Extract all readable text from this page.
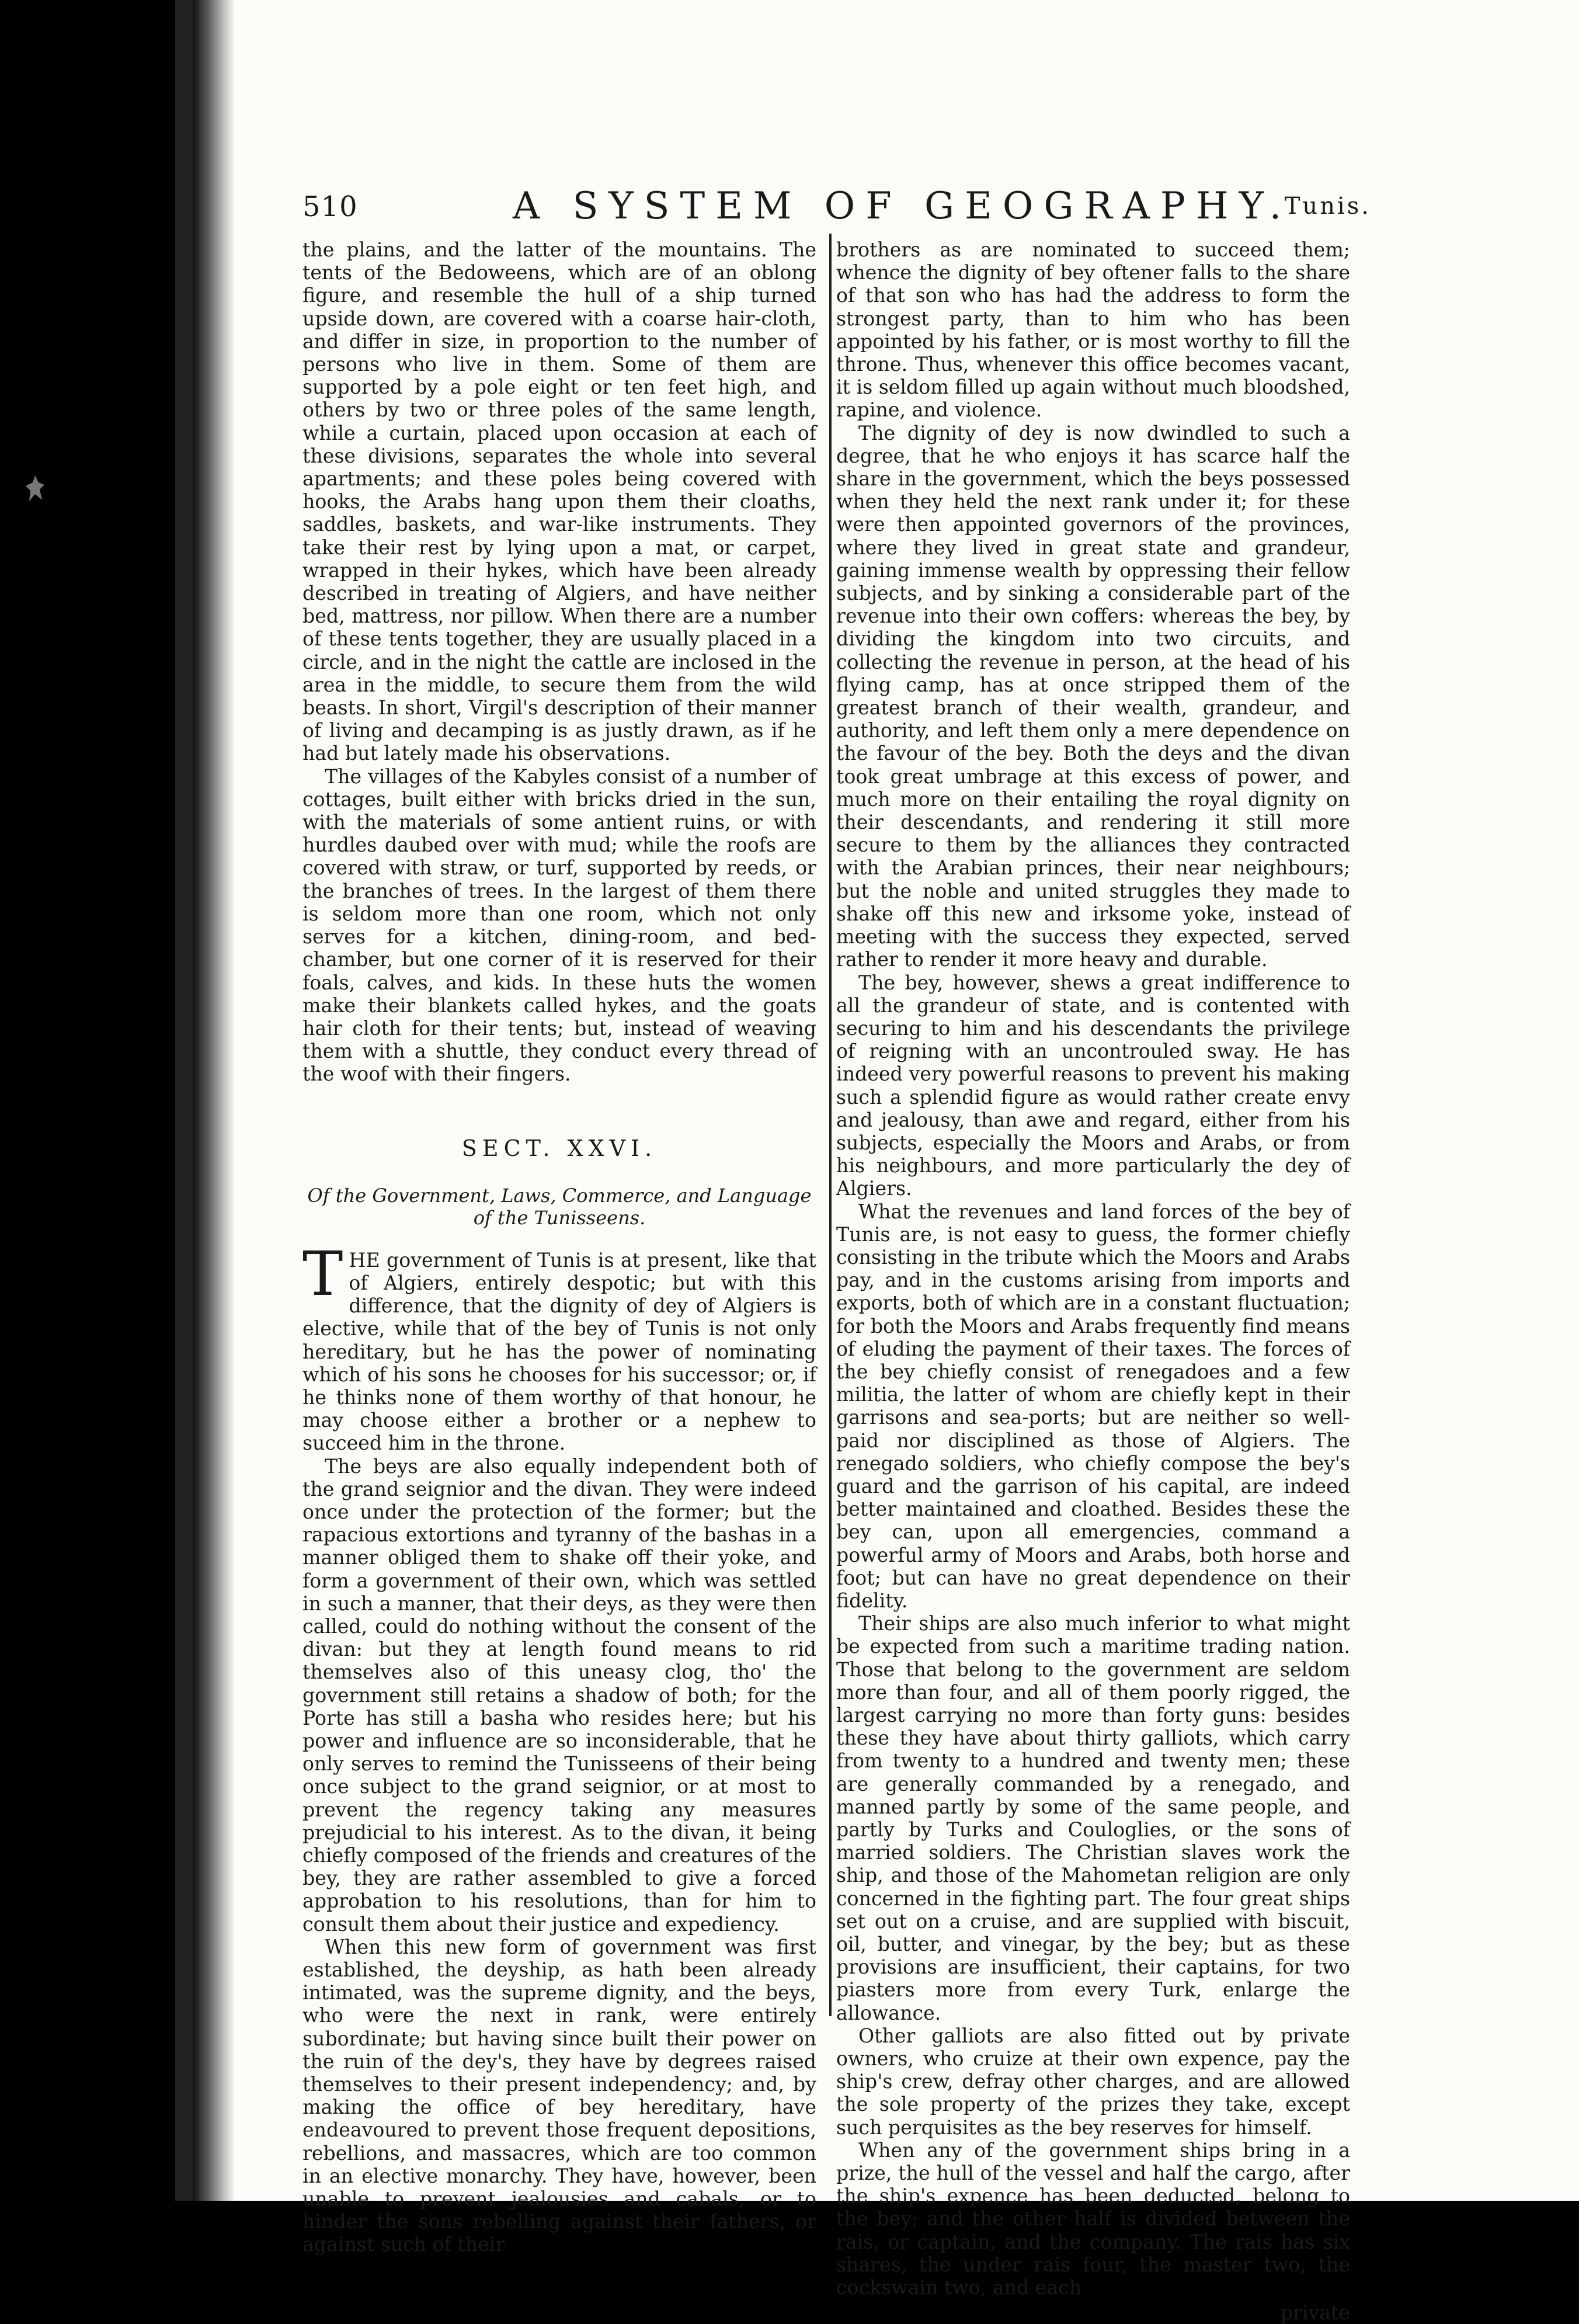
510	A SYSTEM OF GEOGRAPHY.
Tunis.

the plains, and the latter of the mountains. The tents of the Bedoweens, which are of an oblong figure, and resemble the hull of a ship turned upside down, are covered with a coarse hair-cloth, and differ in size, in proportion to the number of persons who live in them. Some of them are supported by a pole eight or ten feet high, and others by two or three poles of the same length, while a curtain, placed upon occasion at each of these divisions, separates the whole into several apartments; and these poles being covered with hooks, the Arabs hang upon them their cloaths, saddles, baskets, and war-like instruments. They take their rest by lying upon a mat, or carpet, wrapped in their hykes, which have been already described in treating of Algiers, and have neither bed, mattress, nor pillow. When there are a number of these tents together, they are usually placed in a circle, and in the night the cattle are inclosed in the area in the middle, to secure them from the wild beasts. In short, Virgil's description of their manner of living and decamping is as justly drawn, as if he had but lately made his observations.

The villages of the Kabyles consist of a number of cottages, built either with bricks dried in the sun, with the materials of some antient ruins, or with hurdles daubed over with mud; while the roofs are covered with straw, or turf, supported by reeds, or the branches of trees. In the largest of them there is seldom more than one room, which not only serves for a kitchen, dining-room, and bed-chamber, but one corner of it is reserved for their foals, calves, and kids. In these huts the women make their blankets called hykes, and the goats hair cloth for their tents; but, instead of weaving them with a shuttle, they conduct every thread of the woof with their fingers.

SECT. XXVI.

Of the Government, Laws, Commerce, and Language of the Tunisseens.

THE government of Tunis is at present, like that of Algiers, entirely despotic; but with this difference, that the dignity of dey of Algiers is elective, while that of the bey of Tunis is not only hereditary, but he has the power of nominating which of his sons he chooses for his successor; or, if he thinks none of them worthy of that honour, he may choose either a brother or a nephew to succeed him in the throne.

The beys are also equally independent both of the grand seignior and the divan. They were indeed once under the protection of the former; but the rapacious extortions and tyranny of the bashas in a manner obliged them to shake off their yoke, and form a government of their own, which was settled in such a manner, that their deys, as they were then called, could do nothing without the consent of the divan: but they at length found means to rid themselves also of this uneasy clog, tho' the government still retains a shadow of both; for the Porte has still a basha who resides here; but his power and influence are so inconsiderable, that he only serves to remind the Tunisseens of their being once subject to the grand seignior, or at most to prevent the regency taking any measures prejudicial to his interest. As to the divan, it being chiefly composed of the friends and creatures of the bey, they are rather assembled to give a forced approbation to his resolutions, than for him to consult them about their justice and expediency.

When this new form of government was first established, the deyship, as hath been already intimated, was the supreme dignity, and the beys, who were the next in rank, were entirely subordinate; but having since built their power on the ruin of the dey's, they have by degrees raised themselves to their present independency; and, by making the office of bey hereditary, have endeavoured to prevent those frequent depositions, rebellions, and massacres, which are too common in an elective monarchy. They have, however, been unable to prevent jealousies and cabals, or to hinder the sons rebelling against their fathers, or against such of their

brothers as are nominated to succeed them; whence the dignity of bey oftener falls to the share of that son who has had the address to form the strongest party, than to him who has been appointed by his father, or is most worthy to fill the throne. Thus, whenever this office becomes vacant, it is seldom filled up again without much bloodshed, rapine, and violence.

The dignity of dey is now dwindled to such a degree, that he who enjoys it has scarce half the share in the government, which the beys possessed when they held the next rank under it; for these were then appointed governors of the provinces, where they lived in great state and grandeur, gaining immense wealth by oppressing their fellow subjects, and by sinking a considerable part of the revenue into their own coffers: whereas the bey, by dividing the kingdom into two circuits, and collecting the revenue in person, at the head of his flying camp, has at once stripped them of the greatest branch of their wealth, grandeur, and authority, and left them only a mere dependence on the favour of the bey. Both the deys and the divan took great umbrage at this excess of power, and much more on their entailing the royal dignity on their descendants, and rendering it still more secure to them by the alliances they contracted with the Arabian princes, their near neighbours; but the noble and united struggles they made to shake off this new and irksome yoke, instead of meeting with the success they expected, served rather to render it more heavy and durable.

The bey, however, shews a great indifference to all the grandeur of state, and is contented with securing to him and his descendants the privilege of reigning with an uncontrouled sway. He has indeed very powerful reasons to prevent his making such a splendid figure as would rather create envy and jealousy, than awe and regard, either from his subjects, especially the Moors and Arabs, or from his neighbours, and more particularly the dey of Algiers.

What the revenues and land forces of the bey of Tunis are, is not easy to guess, the former chiefly consisting in the tribute which the Moors and Arabs pay, and in the customs arising from imports and exports, both of which are in a constant fluctuation; for both the Moors and Arabs frequently find means of eluding the payment of their taxes. The forces of the bey chiefly consist of renegadoes and a few militia, the latter of whom are chiefly kept in their garrisons and sea-ports; but are neither so well-paid nor disciplined as those of Algiers. The renegado soldiers, who chiefly compose the bey's guard and the garrison of his capital, are indeed better maintained and cloathed. Besides these the bey can, upon all emergencies, command a powerful army of Moors and Arabs, both horse and foot; but can have no great dependence on their fidelity.

Their ships are also much inferior to what might be expected from such a maritime trading nation. Those that belong to the government are seldom more than four, and all of them poorly rigged, the largest carrying no more than forty guns: besides these they have about thirty galliots, which carry from twenty to a hundred and twenty men; these are generally commanded by a renegado, and manned partly by some of the same people, and partly by Turks and Couloglies, or the sons of married soldiers. The Christian slaves work the ship, and those of the Mahometan religion are only concerned in the fighting part. The four great ships set out on a cruise, and are supplied with biscuit, oil, butter, and vinegar, by the bey; but as these provisions are insufficient, their captains, for two piasters more from every Turk, enlarge the allowance.

Other galliots are also fitted out by private owners, who cruize at their own expence, pay the ship's crew, defray other charges, and are allowed the sole property of the prizes they take, except such perquisites as the bey reserves for himself.

When any of the government ships bring in a prize, the hull of the vessel and half the cargo, after the ship's expence has been deducted, belong to the bey; and the other half is divided between the rais, or captain, and the company. The rais has six shares, the under rais four, the master two, the cockswain two, and each

private
